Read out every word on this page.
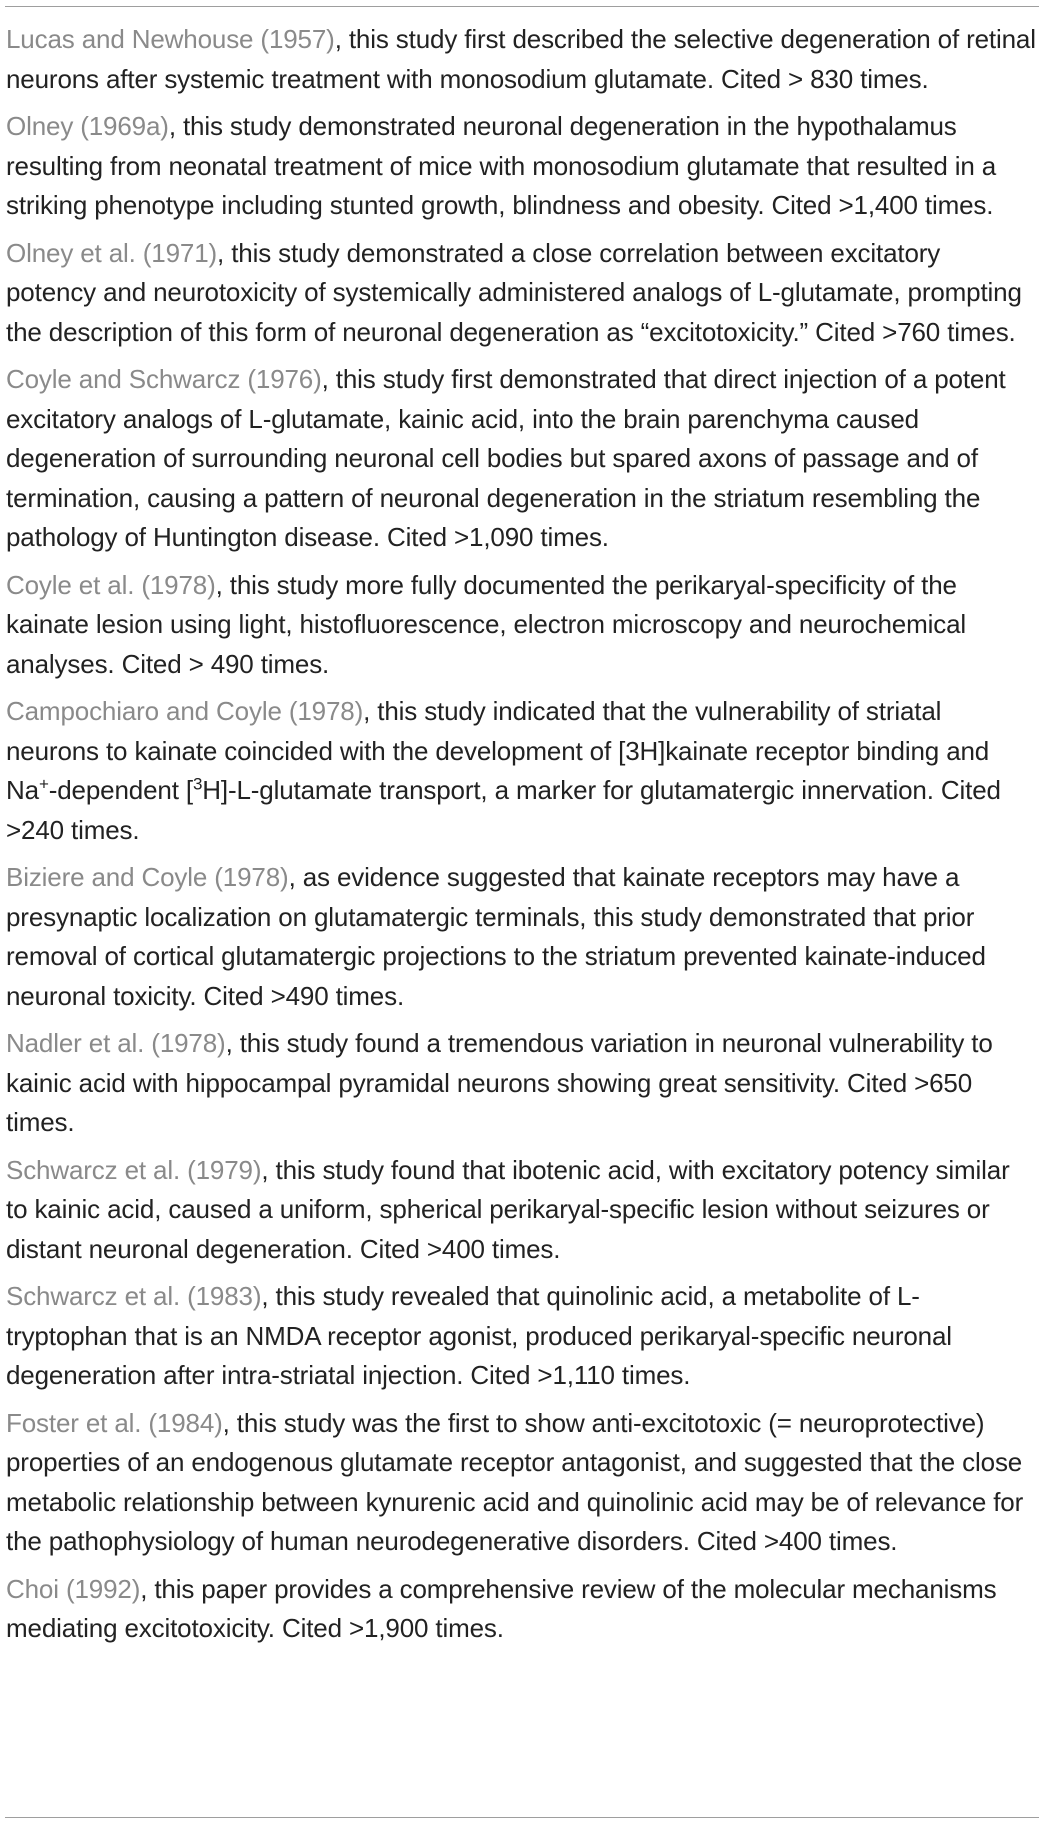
Lucas and Newhouse (1957), this study first described the selective degeneration of retinal neurons after systemic treatment with monosodium glutamate. Cited > 830 times.

Olney (1969a), this study demonstrated neuronal degeneration in the hypothalamus resulting from neonatal treatment of mice with monosodium glutamate that resulted in a striking phenotype including stunted growth, blindness and obesity. Cited >1,400 times.

Olney et al. (1971), this study demonstrated a close correlation between excitatory potency and neurotoxicity of systemically administered analogs of L-glutamate, prompting the description of this form of neuronal degeneration as “excitotoxicity.” Cited >760 times.

Coyle and Schwarcz (1976), this study first demonstrated that direct injection of a potent excitatory analogs of L-glutamate, kainic acid, into the brain parenchyma caused degeneration of surrounding neuronal cell bodies but spared axons of passage and of termination, causing a pattern of neuronal degeneration in the striatum resembling the pathology of Huntington disease. Cited >1,090 times.

Coyle et al. (1978), this study more fully documented the perikaryal-specificity of the kainate lesion using light, histofluorescence, electron microscopy and neurochemical analyses. Cited > 490 times.

Campochiaro and Coyle (1978), this study indicated that the vulnerability of striatal neurons to kainate coincided with the development of [3H]kainate receptor binding and Na+-dependent [$^3$H]-L-glutamate transport, a marker for glutamatergic innervation. Cited >240 times.

Biziere and Coyle (1978), as evidence suggested that kainate receptors may have a presynaptic localization on glutamatergic terminals, this study demonstrated that prior removal of cortical glutamatergic projections to the striatum prevented kainate-induced neuronal toxicity. Cited >490 times.

Nadler et al. (1978), this study found a tremendous variation in neuronal vulnerability to kainic acid with hippocampal pyramidal neurons showing great sensitivity. Cited >650 times.

Schwarcz et al. (1979), this study found that ibotenic acid, with excitatory potency similar to kainic acid, caused a uniform, spherical perikaryal-specific lesion without seizures or distant neuronal degeneration. Cited >400 times.

Schwarcz et al. (1983), this study revealed that quinolinic acid, a metabolite of L-tryptophan that is an NMDA receptor agonist, produced perikaryal-specific neuronal degeneration after intra-striatal injection. Cited >1,110 times.

Foster et al. (1984), this study was the first to show anti-excitotoxic (= neuroprotective) properties of an endogenous glutamate receptor antagonist, and suggested that the close metabolic relationship between kynurenic acid and quinolinic acid may be of relevance for the pathophysiology of human neurodegenerative disorders. Cited >400 times.

Choi (1992), this paper provides a comprehensive review of the molecular mechanisms mediating excitotoxicity. Cited >1,900 times.
